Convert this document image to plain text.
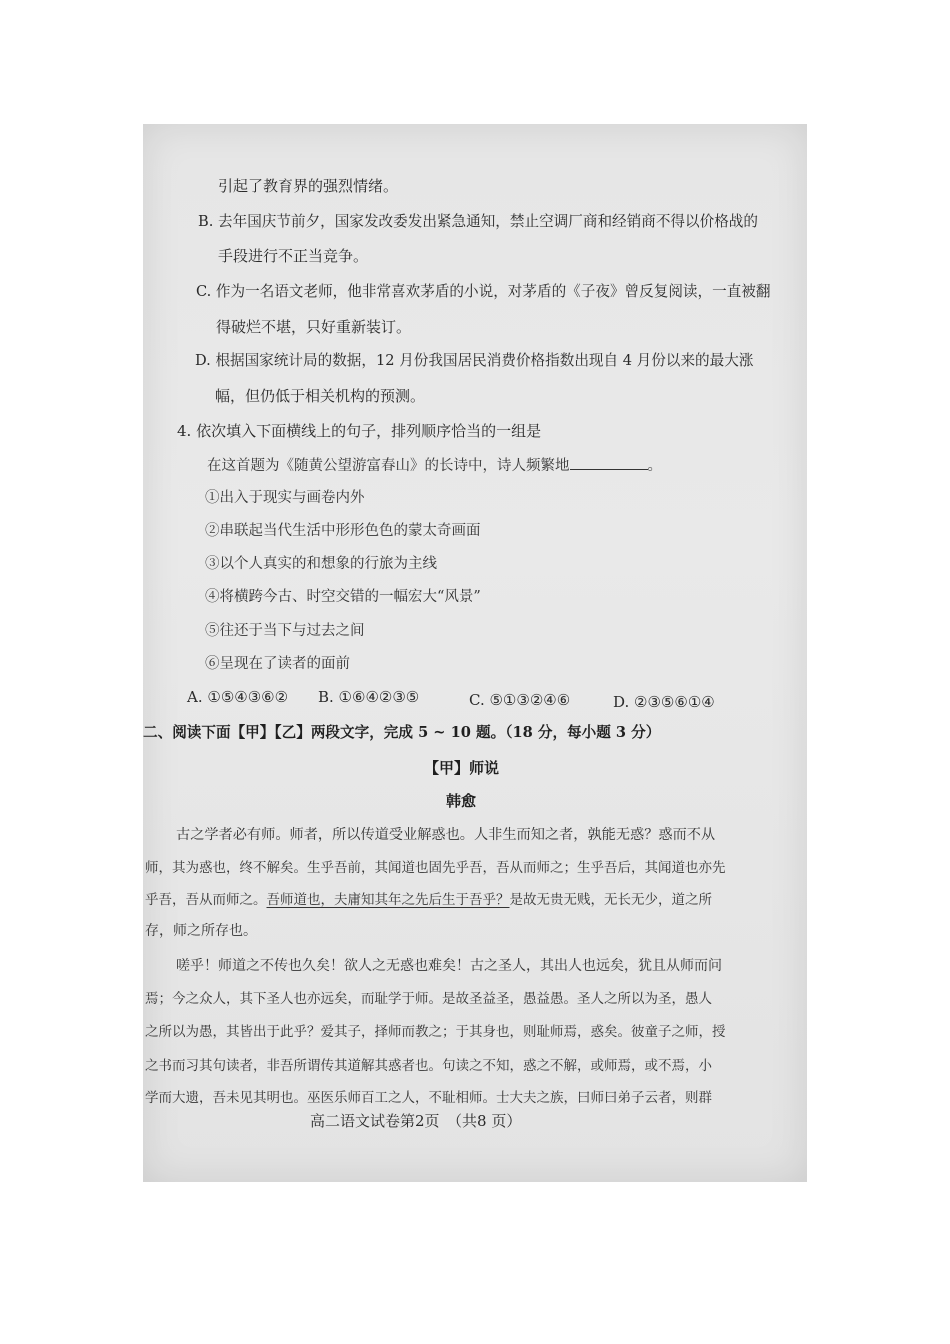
引起了教育界的强烈情绪。
B. 去年国庆节前夕，国家发改委发出紧急通知，禁止空调厂商和经销商不得以价格战的
手段进行不正当竞争。
C. 作为一名语文老师，他非常喜欢茅盾的小说，对茅盾的《子夜》曾反复阅读，一直被翻
得破烂不堪，只好重新装订。
D. 根据国家统计局的数据，12 月份我国居民消费价格指数出现自 4 月份以来的最大涨
幅，但仍低于相关机构的预测。
4. 依次填入下面横线上的句子，排列顺序恰当的一组是
在这首题为《随黄公望游富春山》的长诗中，诗人频繁地	。
①出入于现实与画卷内外
②串联起当代生活中形形色色的蒙太奇画面
③以个人真实的和想象的行旅为主线
④将横跨今古、时空交错的一幅宏大“风景”
⑤往还于当下与过去之间
⑥呈现在了读者的面前
A. ①⑤④③⑥② B. ①⑥④②③⑤	C. ⑤①③②④⑥	D. ②③⑤⑥①④
二、阅读下面【甲】【乙】两段文字，完成 5 ~ 10 题。（18 分，每小题 3 分）
【甲】师说
韩愈
古之学者必有师。师者，所以传道受业解惑也。人非生而知之者，孰能无惑？惑而不从
师，其为惑也，终不解矣。生乎吾前，其闻道也固先乎吾，吾从而师之；生乎吾后，其闻道也亦先
乎吾，吾从而师之。吾师道也，夫庸知其年之先后生于吾乎？是故无贵无贱，无长无少，道之所
存，师之所存也。
嗟乎！师道之不传也久矣！欲人之无惑也难矣！古之圣人，其出人也远矣，犹且从师而问
焉；今之众人，其下圣人也亦远矣，而耻学于师。是故圣益圣，愚益愚。圣人之所以为圣，愚人
之所以为愚，其皆出于此乎？爱其子，择师而教之；于其身也，则耻师焉，惑矣。彼童子之师，授
之书而习其句读者，非吾所谓传其道解其惑者也。句读之不知，惑之不解，或师焉，或不焉，小
学而大遗，吾未见其明也。巫医乐师百工之人，不耻相师。士大夫之族，曰师曰弟子云者，则群
高二语文试卷第2页　（共8 页）
